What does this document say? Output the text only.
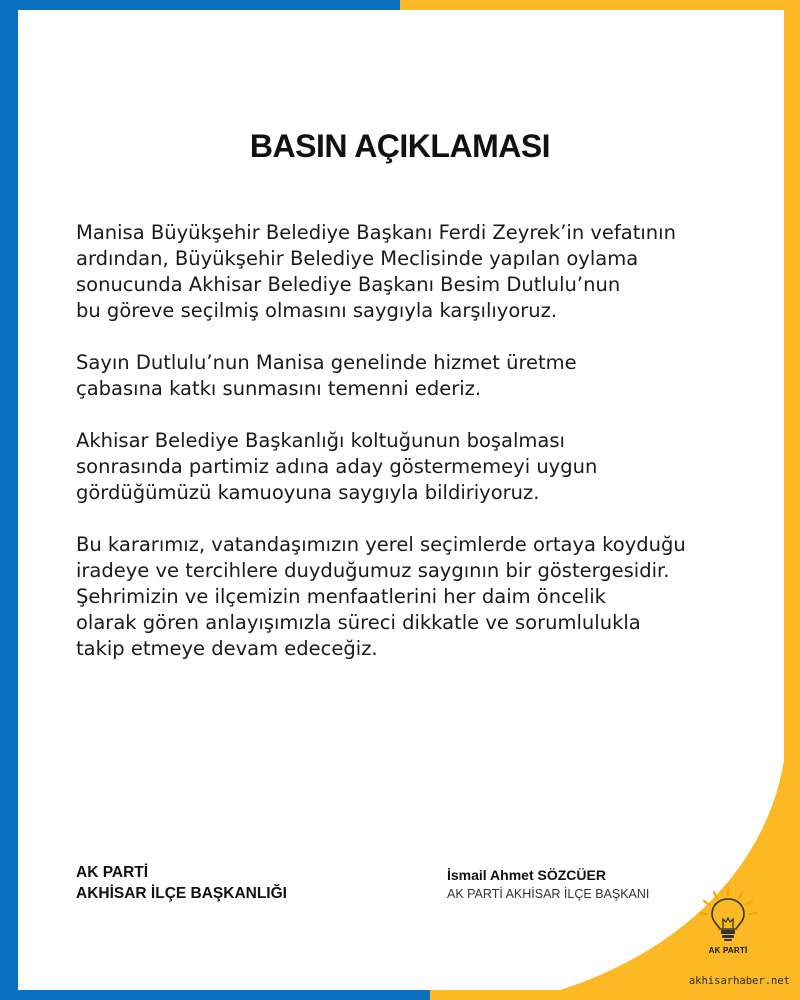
BASIN AÇIKLAMASI

Manisa Büyükşehir Belediye Başkanı Ferdi Zeyrek’in vefatının
ardından, Büyükşehir Belediye Meclisinde yapılan oylama
sonucunda Akhisar Belediye Başkanı Besim Dutlulu’nun
bu göreve seçilmiş olmasını saygıyla karşılıyoruz.

Sayın Dutlulu’nun Manisa genelinde hizmet üretme
çabasına katkı sunmasını temenni ederiz.

Akhisar Belediye Başkanlığı koltuğunun boşalması
sonrasında partimiz adına aday göstermemeyi uygun
gördüğümüzü kamuoyuna saygıyla bildiriyoruz.

Bu kararımız, vatandaşımızın yerel seçimlerde ortaya koyduğu
iradeye ve tercihlere duyduğumuz saygının bir göstergesidir.
Şehrimizin ve ilçemizin menfaatlerini her daim öncelik
olarak gören anlayışımızla süreci dikkatle ve sorumlulukla
takip etmeye devam edeceğiz.

AK PARTİ
AKHİSAR İLÇE BAŞKANLIĞI
İsmail Ahmet SÖZCÜER
AK PARTİ AKHİSAR İLÇE BAŞKANI
AK PARTİ
akhisarhaber.net
